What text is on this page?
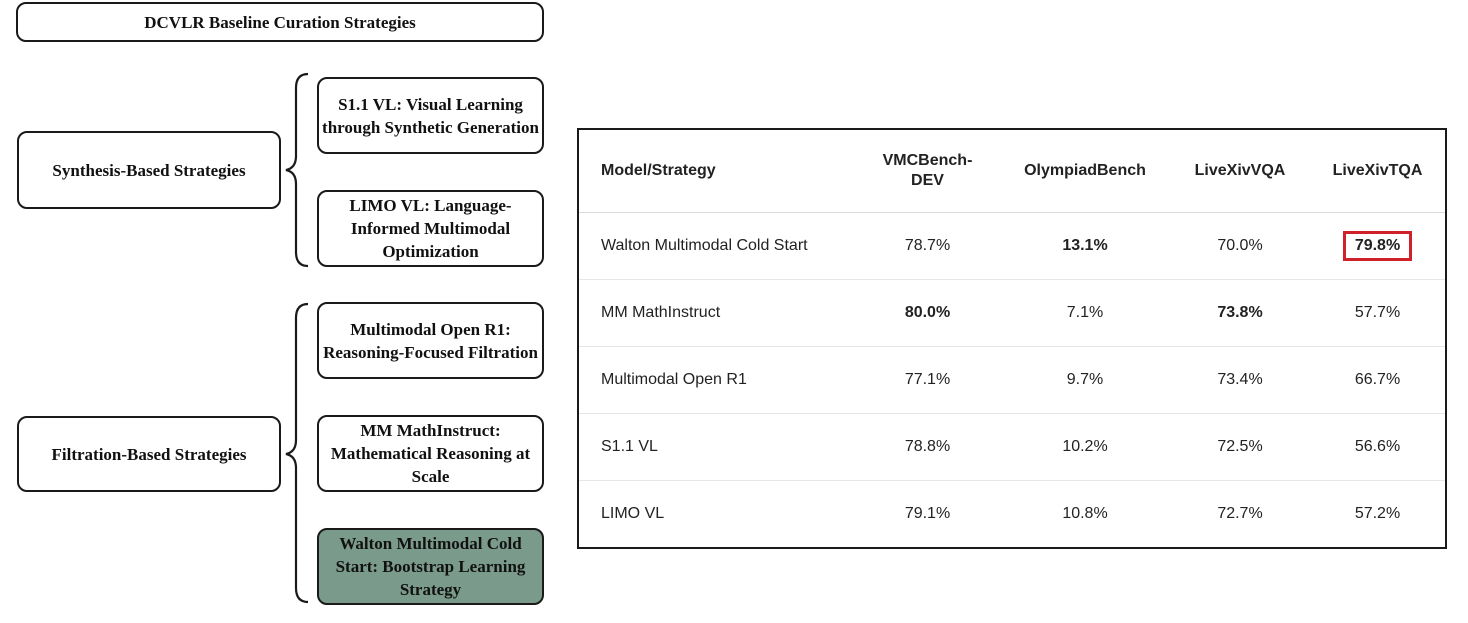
DCVLR Baseline Curation Strategies
Synthesis-Based Strategies
Filtration-Based Strategies
S1.1 VL: Visual Learning through Synthetic Generation
LIMO VL: Language-Informed Multimodal Optimization
Multimodal Open R1: Reasoning-Focused Filtration
MM MathInstruct: Mathematical Reasoning at Scale
Walton Multimodal Cold Start: Bootstrap Learning Strategy
Model/Strategy	VMCBench-DEV	OlympiadBench	LiveXivVQA	LiveXivTQA
Walton Multimodal Cold Start	78.7%	13.1%	70.0%	79.8%
MM MathInstruct	80.0%	7.1%	73.8%	57.7%
Multimodal Open R1	77.1%	9.7%	73.4%	66.7%
S1.1 VL	78.8%	10.2%	72.5%	56.6%
LIMO VL	79.1%	10.8%	72.7%	57.2%
